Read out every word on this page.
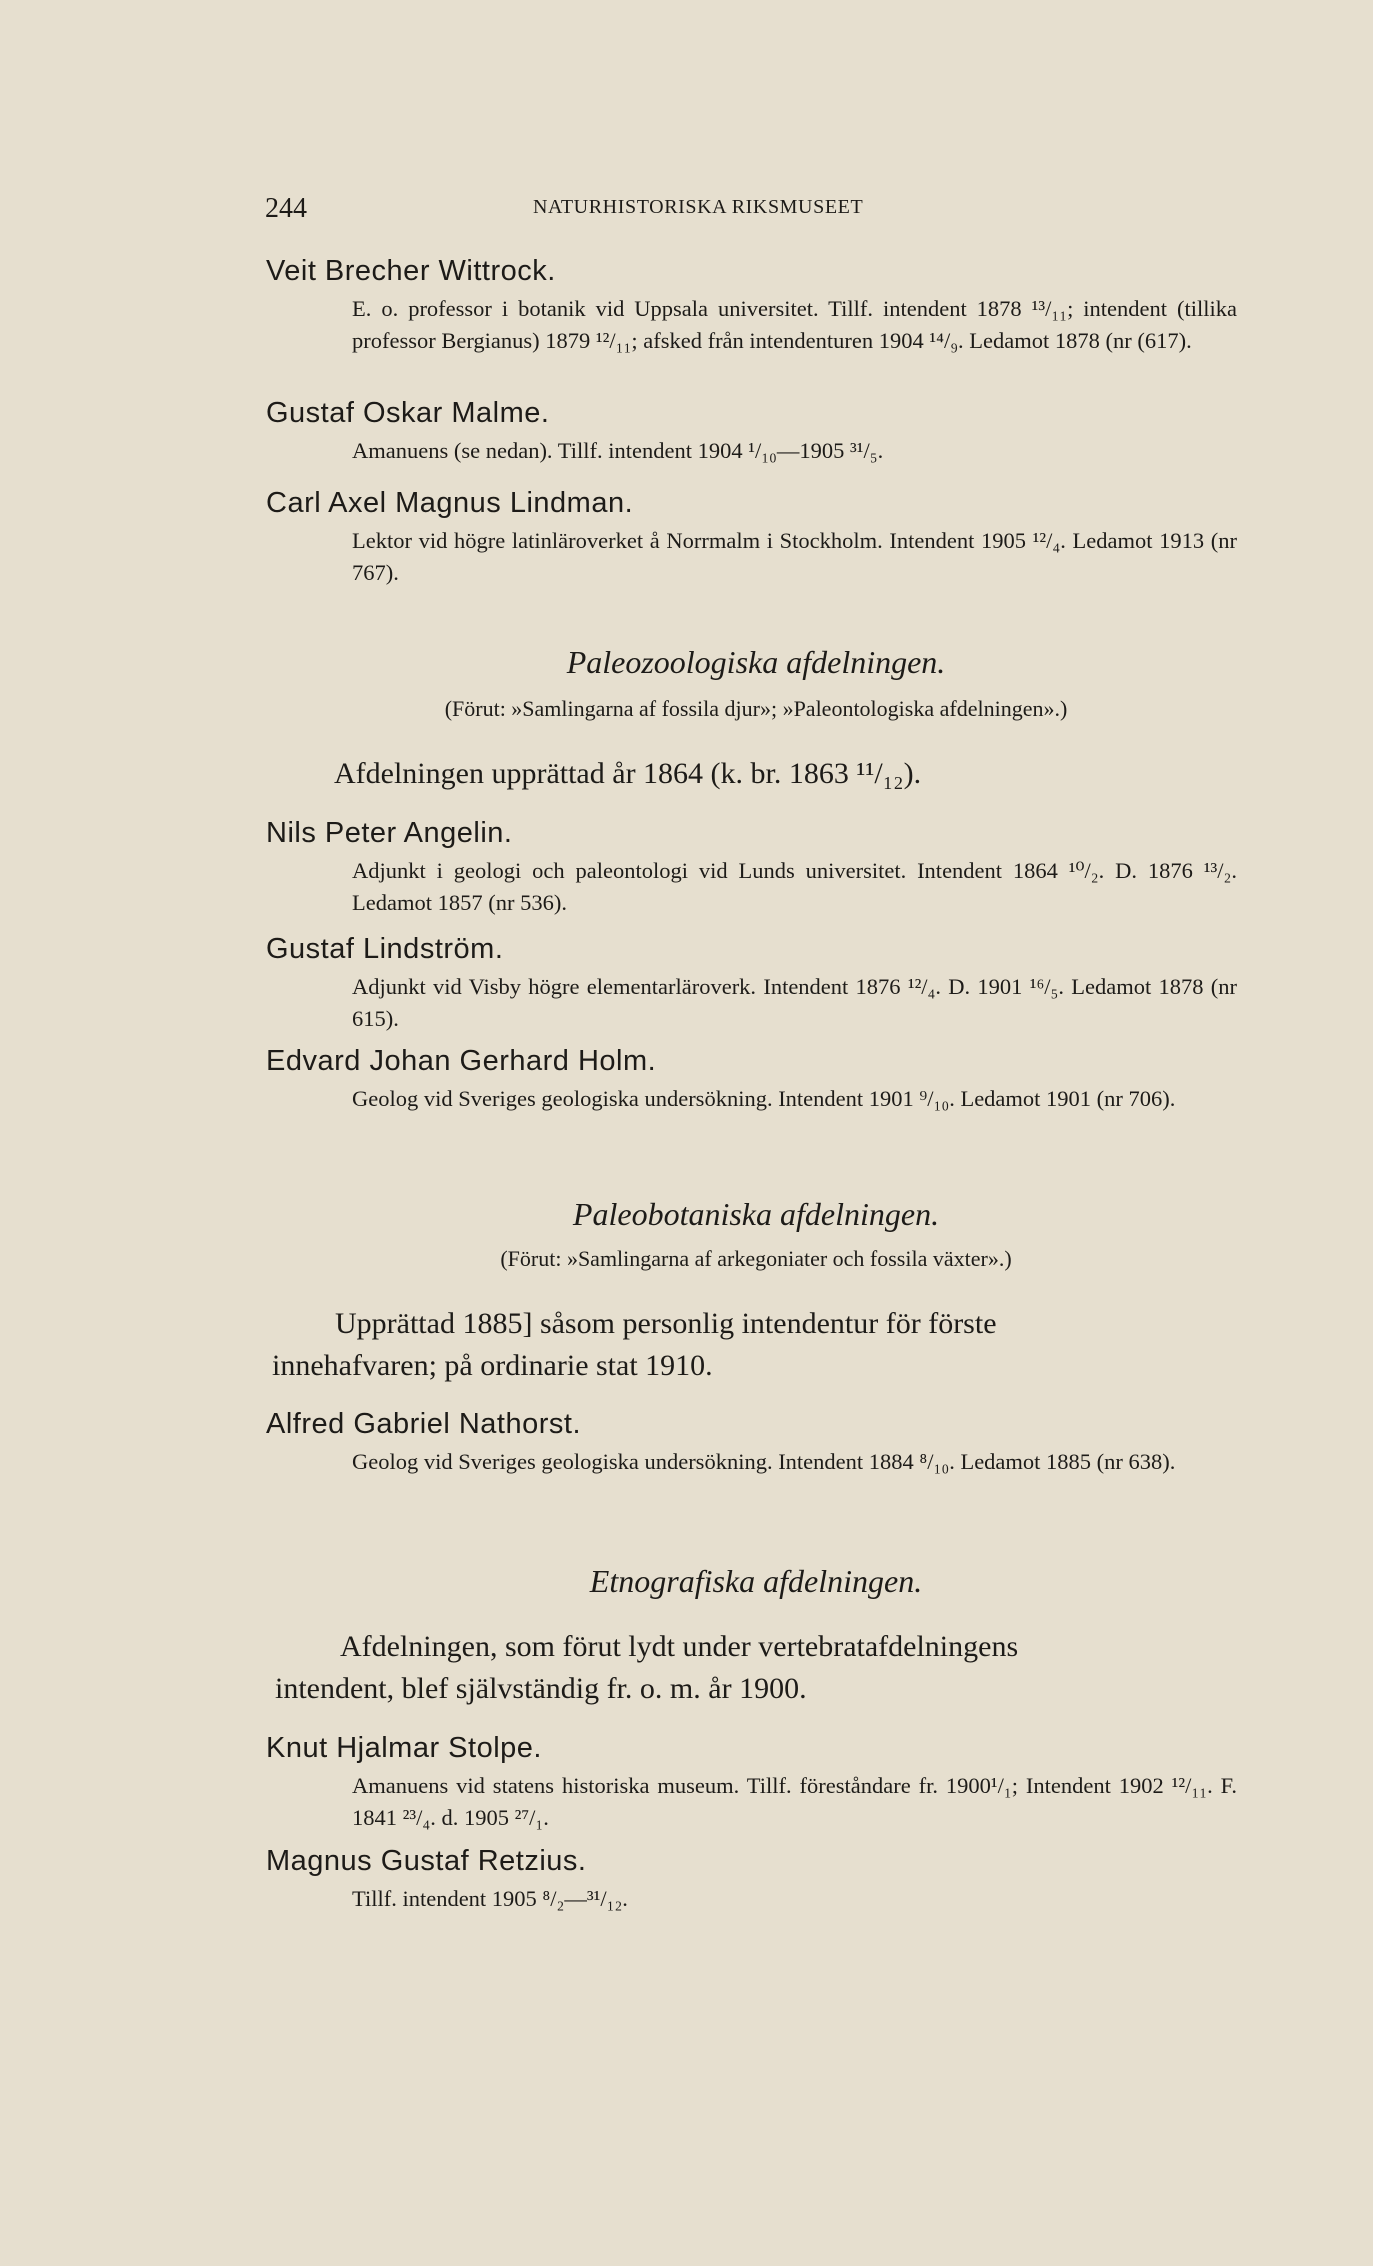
244	NATURHISTORISKA RIKSMUSEET

Veit Brecher Wittrock.

E. o. professor i botanik vid Uppsala universitet. Tillf. intendent 1878 ¹³/₁₁; intendent (tillika professor Bergianus) 1879 ¹²/₁₁; afsked från intendenturen 1904 ¹⁴/₉. Ledamot 1878 (nr (617).

Gustaf Oskar Malme.

Amanuens (se nedan). Tillf. intendent 1904 ¹/₁₀—1905 ³¹/₅.

Carl Axel Magnus Lindman.

Lektor vid högre latinläroverket å Norrmalm i Stockholm. Intendent 1905 ¹²/₄. Ledamot 1913 (nr 767).
Paleozoologiska afdelningen.
(Förut: »Samlingarna af fossila djur»; »Paleontologiska afdelningen».)
Afdelningen upprättad år 1864 (k. br. 1863 ¹¹/₁₂).

Nils Peter Angelin.

Adjunkt i geologi och paleontologi vid Lunds universitet. Intendent 1864 ¹⁰/₂. D. 1876 ¹³/₂. Ledamot 1857 (nr 536).

Gustaf Lindström.

Adjunkt vid Visby högre elementarläroverk. Intendent 1876 ¹²/₄. D. 1901 ¹⁶/₅. Ledamot 1878 (nr 615).

Edvard Johan Gerhard Holm.

Geolog vid Sveriges geologiska undersökning. Intendent 1901 ⁹/₁₀. Ledamot 1901 (nr 706).
Paleobotaniska afdelningen.
(Förut: »Samlingarna af arkegoniater och fossila växter».)
Upprättad 1885] såsom personlig intendentur för förste
innehafvaren; på ordinarie stat 1910.

Alfred Gabriel Nathorst.

Geolog vid Sveriges geologiska undersökning. Intendent 1884 ⁸/₁₀. Ledamot 1885 (nr 638).
Etnografiska afdelningen.
Afdelningen, som förut lydt under vertebratafdelningens
intendent, blef självständig fr. o. m. år 1900.

Knut Hjalmar Stolpe.

Amanuens vid statens historiska museum. Tillf. föreståndare fr. 1900¹/₁; Intendent 1902 ¹²/₁₁. F. 1841 ²³/₄. d. 1905 ²⁷/₁.

Magnus Gustaf Retzius.

Tillf. intendent 1905 ⁸/₂—³¹/₁₂.
